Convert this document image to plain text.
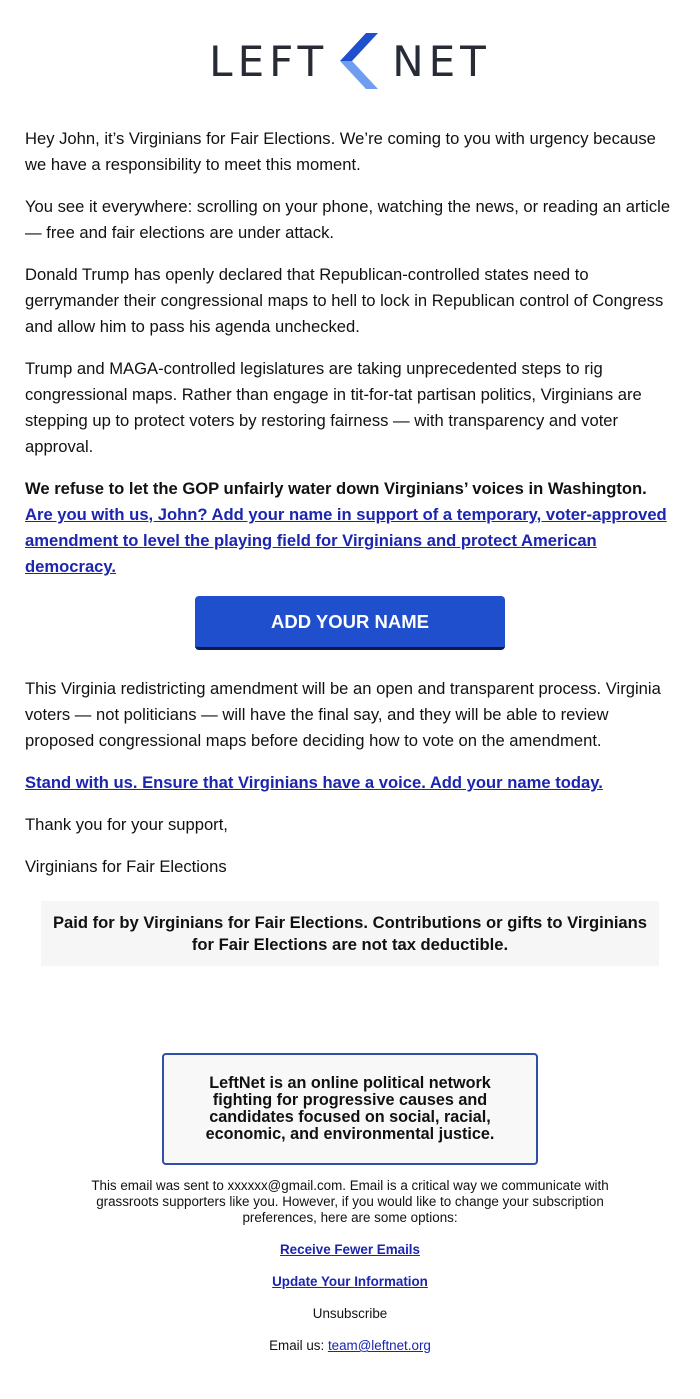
LEFT NET

Hey John, it’s Virginians for Fair Elections. We’re coming to you with urgency because we have a responsibility to meet this moment.

You see it everywhere: scrolling on your phone, watching the news, or reading an article — free and fair elections are under attack.

Donald Trump has openly declared that Republican-controlled states need to gerrymander their congressional maps to hell to lock in Republican control of Congress and allow him to pass his agenda unchecked.

Trump and MAGA-controlled legislatures are taking unprecedented steps to rig congressional maps. Rather than engage in tit-for-tat partisan politics, Virginians are stepping up to protect voters by restoring fairness — with transparency and voter approval.

We refuse to let the GOP unfairly water down Virginians’ voices in Washington.
Are you with us, John? Add your name in support of a temporary, voter-approved amendment to level the playing field for Virginians and protect American democracy.

ADD YOUR NAME

This Virginia redistricting amendment will be an open and transparent process. Virginia voters — not politicians — will have the final say, and they will be able to review proposed congressional maps before deciding how to vote on the amendment.

Stand with us. Ensure that Virginians have a voice. Add your name today.

Thank you for your support,

Virginians for Fair Elections

Paid for by Virginians for Fair Elections. Contributions or gifts to Virginians for Fair Elections are not tax deductible.
LeftNet is an online political network fighting for progressive causes and candidates focused on social, racial, economic, and environmental justice.

This email was sent to xxxxxx@gmail.com. Email is a critical way we communicate with grassroots supporters like you. However, if you would like to change your subscription preferences, here are some options:

Receive Fewer Emails

Update Your Information

Unsubscribe

Email us: team@leftnet.org
